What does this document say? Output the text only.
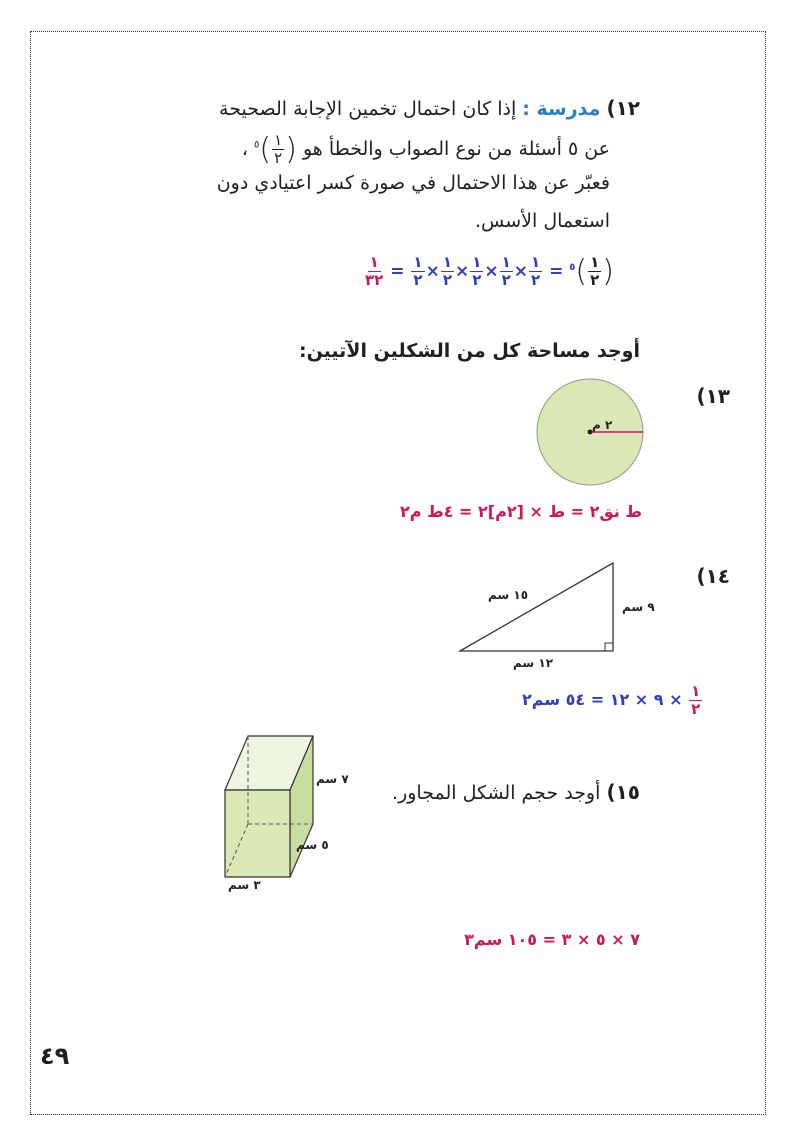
١٢) مدرسة : إذا كان احتمال تخمين الإجابة الصحيحة
عن ٥ أسئلة من نوع الصواب والخطأ هو (
$\frac{١}{٢}$
)$^٥$ ،
فعبّر عن هذا الاحتمال في صورة كسر اعتيادي دون
استعمال الأسس.
$\frac{١}{٣٢} = \frac{١}{٢} \times \frac{١}{٢} \times \frac{١}{٢} \times \frac{١}{٢} \times \frac{١}{٢} = ^٥( \frac{١}{٢}$ )
أوجد مساحة كل من الشكلين الآتيين:
١٣)
٢ م
ط نق٢ = ط × [٢م]٢ = ٤ط م٢
١٤)
١٥ سم
٩ سم
١٢ سم
$\frac{١}{٢}$
× ٩ × ١٢ = ٥٤ سم٢
١٥) أوجد حجم الشكل المجاور.
٧ سم
٥ سم
٣ سم
٧ × ٥ × ٣ = ١٠٥ سم٣
٤٩
